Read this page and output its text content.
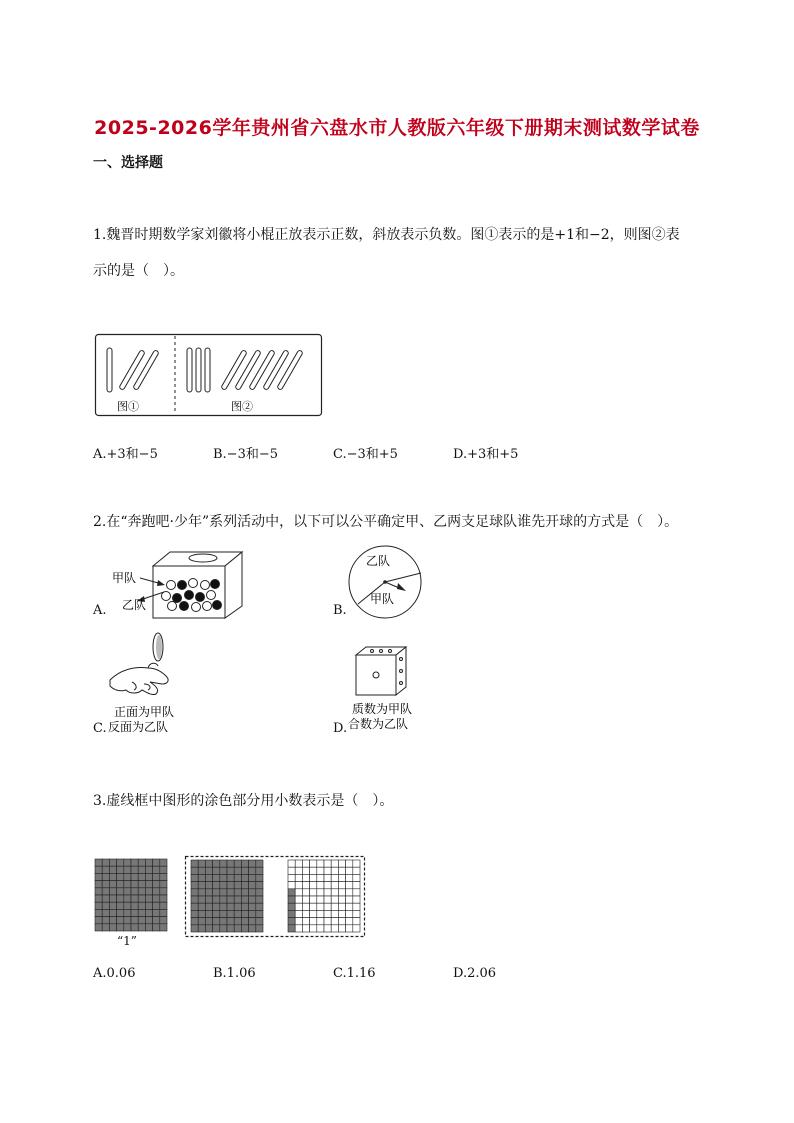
2025-2026学年贵州省六盘水市人教版六年级下册期末测试数学试卷
一、选择题
1.魏晋时期数学家刘徽将小棍正放表示正数，斜放表示负数。图①表示的是+1和−2，则图②表
示的是（　）。
图①	图②
A.+3和−5	B.−3和−5	C.−3和+5	D.+3和+5
2.在“奔跑吧·少年”系列活动中，以下可以公平确定甲、乙两支足球队谁先开球的方式是（　）。
A.
甲队
乙队	B.
乙队
甲队
C.
正面为甲队
反面为乙队	D.
质数为甲队
合数为乙队
3.虚线框中图形的涂色部分用小数表示是（　）。
“1”
A.0.06	B.1.06	C.1.16	D.2.06
